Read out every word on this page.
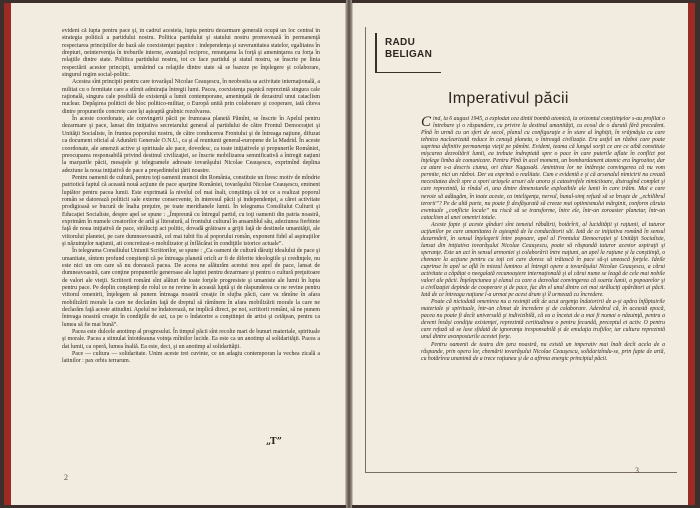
evident că lupta pentru pace şi, în cadrul acesteia, lupta pentru dezarmare generală ocupă un loc central în strategia politică a partidului nostru. Politica partidului şi statului nostru promovează în permanenţă respectarea principiilor de bază ale coexistenţei paşnice : independenţa şi suveranitatea statelor, egalitatea în drepturi, neintervenţia în treburile interne, avantajul reciproc, renunţarea la forţă şi ameninţarea cu forţa în relaţiile dintre state. Politica partidului nostru, tot ce face partidul şi statul nostru, se înscrie pe linia respectării acestor principii, urmărind ca relaţiile dintre state să se bazeze pe înţelegere şi colaborare, singurul regim social-politic.

Acestea sînt principii pentru care tovarăşul Nicolae Ceauşescu, în neobosita sa activitate internaţională, a militat cu o fermitate care a stîrnit admiraţia întregii lumi. Pacea, coexistenţa paşnică reprezintă singura cale raţională, singura cale posibilă de existenţă a lumii contemporane, ameninţată de dezastrul unui cataclism nuclear. Depăşirea politicii de bloc politico-militar, o Europă unită prin colaborare şi cooperare, iată cîteva dintre propunerile concrete care îşi aşteaptă grabnic rezolvarea.

În aceste coordonate, ale convingerii păcii pe frumoasa planetă Pămînt, se înscrie în Apelul pentru dezarmare şi pace, lansat din iniţiativa secretarului general al partidului de către Frontul Democraţiei şi Unităţii Socialiste, în fruntea poporului nostru, de către conducerea Frontului şi de întreaga naţiune, difuzat ca document oficial al Adunării Generale O.N.U., ca şi al reuniunii general-europene de la Madrid. În aceste coordonate, ale amenzii active şi spirituale ale pace, dovedesc, ca toate iniţiativele şi propunerile României, preocuparea responsabilă privind destinul civilizaţiei, se înscrie mobilizarea semnificativă a întregii naţiuni la marşurile păcii, mesajele şi telegramele adresate tovarăşului Nicolae Ceauşescu, exprimînd deplina adeziune la noua iniţiativă de pace a preşedintelui ţării noastre.

Pentru oamenii de cultură, pentru toţi oamenii muncii din România, constituie un firesc motiv de mîndrie patriotică faptul că această nouă acţiune de pace aparţine României, tovarăşului Nicolae Ceauşescu, eminent luptător pentru pacea lumii. Este exprimată la nivelul cel mai înalt, conştiinţa că tot ce a realizat poporul român se datorează politicii sale externe consecvente, în interesul păcii şi independenţei, a cărei activitate prodigioasă se bucură de înalta preţuire, pe toate meridianele lumii. În telegrama Consiliului Culturii şi Educaţiei Socialiste, despre apel se spune : „Împreună cu întregul partid, cu toţi oamenii din patria noastră, exprimăm în numele creatorilor de artă şi literatură, al frontului cultural în ansamblul său, adeziunea fierbinte faţă de noua iniţiativă de pace, străluciţi act politic, dovadă grăitoare a grijii faţă de destinele umanităţii, ale viitorului planetei, pe care dumneavoastră, cel mai iubit fiu al poporului român, exponent fidel al aspiraţiilor şi năzuinţelor naţiunii, ati concretizat-o mobilizator şi înflăcărat în condiţiile istorice actuale”.

În telegrama Consiliului Uniunii Scriitorilor, se spune : „Ca oameni de cultură dăruiţi idealului de pace şi umanitate, sîntem profund conştienţi că pe întreaga planetă oricît ar fi de diferite ideologiile şi credinţele, nu este nici un om care să nu dorească pacea. De aceea ne alăturăm acestui nou apel de pace, lansat de dumneavoastră, care conţine propunerile generoase ale luptei pentru dezarmare şi pentru o cultură preţuitoare de valori ale vieţii. Scriitorii români sînt alături de toate forţele progresiste şi umaniste ale lumii în lupta pentru pace. Pe deplin conştienţi de rolul ce ne revine în această luptă şi de răspunderea ce ne revine pentru viitorul omenirii, înţelegem să punem întreaga noastră creaţie în slujba păcii, care va rămîne în afara mobilizării morale la care ne declarăm faţă de dreptul să rămînem în afara mobilizării morale la care ne declarăm faţă aceste atitudini. Apelul ne îndatorează, ne implică direct, pe noi, scriitorii români, să ne punem întreaga noastră creaţie în condiţiile de azi, ca pe o îndatorire a conştiinţei de artist şi cetăţean, pentru ca lumea să fie mai bună”.

Pacea este dulcele anotimp al progresului. În timpul păcii sînt recolte mari de bunuri materiale, spirituale şi morale. Pacea a stimulat întotdeauna voinţa mîinilor lucide. Ea este ca un anotimp al solidarităţii. Pacea a dat lumii, ca operă, lumea înaltă. Ea este, deci, şi un anotimp al solidarităţii.

Pace — cultura — solidaritate. Unim aceste trei cuvinte, ce un adagiu contemporan la vechea zicală a latinilor : pax orbis terrarum.

„T”
2
RADU
BELIGAN
Imperativul păcii

Cînd, la 6 august 1945, a explodat cea dintîi bombă atomică, la orizontul conştiinţelor s-au profilat o întrebare şi o răspundere, cu privire la destinul umanităţii, cu ecoul de o durată fără precedent. Pînă în urmă cu un sfert de secol, planul cu configuraţie e în stare al înghiţit, în vrăjmăşia cu care tehnica nuclearizată reduce în cenuşă planeta, o întreagă civilizaţie. Era astfel un război care poate suprima definitiv permanenţa vieţii pe pămînt. Evident, teama că lungul sorţii ce are ce aibă constituie mişcarea dezvoltării lumii, ea trebuie îndreptată spre o pace în care puterile aflate în conflict pot înţelege limba de comunicare. Pentru Pînă în acel moment, un bombardament atomic era îngrozitor, dar ca atare s-a descris ciuma, ori chiar Nagasaki. Amintirea lor ne întăreşte convingerea că nu vom permite, nici un război. Der ea exprimă o realitate. Cum e evidentă e şi că arsenalul nimicirii nu crează necesitatea decît spre a spori uriaşele arsuri ale unora şi catastrofele nimicitoare, distrugînd complet şi care reprezintă, la rîndul ei, una dintre dimensiunile explozibile ale lumii în care trăim. Mai e care nevoie să adăugăm, în toate aceste, ca inteligenţa, nervul, bunul-simţ refuză să se bruşte de „echilibrul terorii”? Pe de altă parte, nu poate fi desfăşurată să creeze mai optimismului mărginit, conform căruia eventuale „conflicte locale” nu riscă să se transforme, între ele, într-un zoroaster planetar, într-un cataclism al unei omeniri totale.

Aceste fapte şi aceste gînduri sînt temeiul răbdării, hotărîrii, al lucidităţii şi raţiunii, al tuturor acţiunilor pe care umanitatea le aşteaptă de la conducătorii săi. Iată de ce iniţiativa română în sensul dezarmării, în sensul înţelegerii între popoare, apel al Frontului Democraţiei şi Unităţii Socialiste, lansat din iniţiativa tovarăşului Nicolae Ceauşescu, poate să răspundă tuturor acestor aspiraţii şi speranţe. Este un act în sensul armoniei şi colaborării între naţiuni, un apel la raţiune şi la conştiinţă, o chemare la acţiune pentru ca toţi cei care doresc să trăiască în pace să-şi unească forţele. Ideile cuprinse în apel se află în miezul luminos al întregii opere a tovarăşului Nicolae Ceauşescu, a cărui activitate a căpătat o neegalată recunoaştere internaţională şi al cărui nume se leagă de cele mai nobile valori ale păcii. Înţelepciunea şi elanul cu care a dezvoltat convingerea că soarta lumii, a popoarelor şi a civilizaţiei depinde de cooperare şi de pace, fac din el unul dintre cei mai străluciţi apărători ai păcii. Iată de ce întreaga naţiune l-a urmat pe acest drum şi îl urmează cu încredere.

Poate că niciodată omenirea nu a resimţit atît de acut urgenţa îndatoririi de a-şi apăra înfăptuirile materiale şi spirituale, într-un climat de încredere şi de colaborare. Adevărul că, în această epocă, pacea nu poate fi decît universală şi indivizibilă, că ea a încetat de a mai fi numai o năzuinţă, pentru a deveni însăşi condiţia existenţei, reprezintă certitudinea o pentru fecundă, preceptul ei activ. O pentru care refuză să se lase sfidată de ignoranţa iresponsabilă şi de emulaţia trufiilor, iar cultura reprezintă unul dintre avanposturile acestei forţe.

Pentru oamenii de teatru din ţara noastră, nu există un imperativ mai înalt decît acela de a răspunde, prin opera lor, chemării tovarăşului Nicolae Ceauşescu, solidarizîndu-se, prin fapte de artă, cu hotărîrea unanimă de a trece raţiunea şi de a afirma energic principiul păcii.

3
